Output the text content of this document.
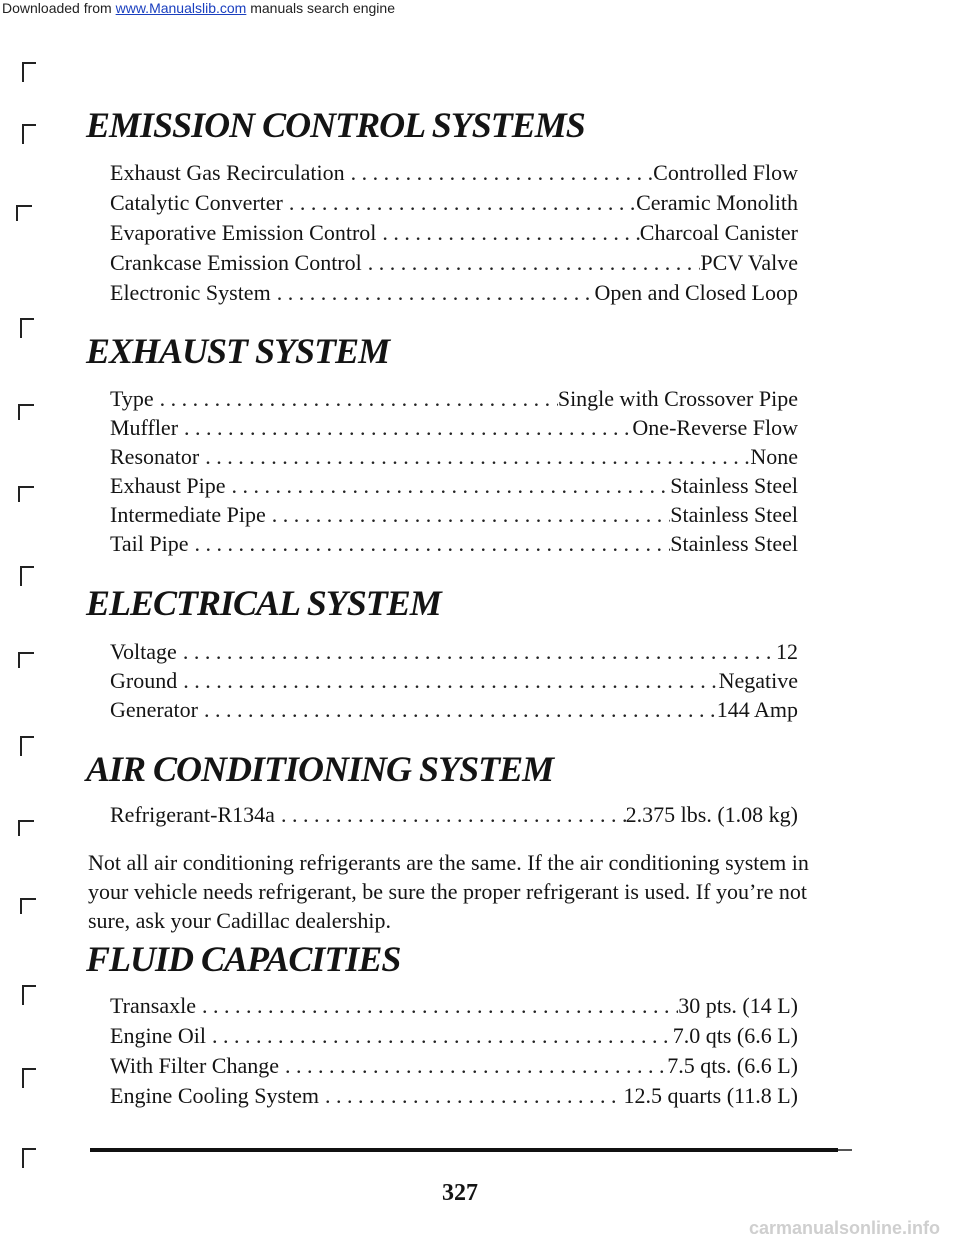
Downloaded from www.Manualslib.com manuals search engine
EMISSION CONTROL SYSTEMS
Exhaust Gas Recirculation . . .	Controlled Flow
Catalytic Converter . . .	Ceramic Monolith
Evaporative Emission Control . . .	Charcoal Canister
Crankcase Emission Control . . .	PCV Valve
Electronic System . . .	Open and Closed Loop
EXHAUST SYSTEM
Type . . .	Single with Crossover Pipe
Muffler . . .	One-Reverse Flow
Resonator . . .	None
Exhaust Pipe . . .	Stainless Steel
Intermediate Pipe . . .	Stainless Steel
Tail Pipe . . .	Stainless Steel
ELECTRICAL SYSTEM
Voltage . . .	12
Ground . . .	Negative
Generator . . .	144 Amp
AIR CONDITIONING SYSTEM
Refrigerant-R134a . . .	2.375 lbs. (1.08 kg)

Not all air conditioning refrigerants are the same. If the air conditioning system in your vehicle needs refrigerant, be sure the proper refrigerant is used. If you’re not sure, ask your Cadillac dealership.

FLUID CAPACITIES
Transaxle . . .	30 pts. (14 L)
Engine Oil . . .	7.0 qts (6.6 L)
With Filter Change . . .	7.5 qts. (6.6 L)
Engine Cooling System . . .	12.5 quarts (11.8 L)
327
carmanualsonline.info
